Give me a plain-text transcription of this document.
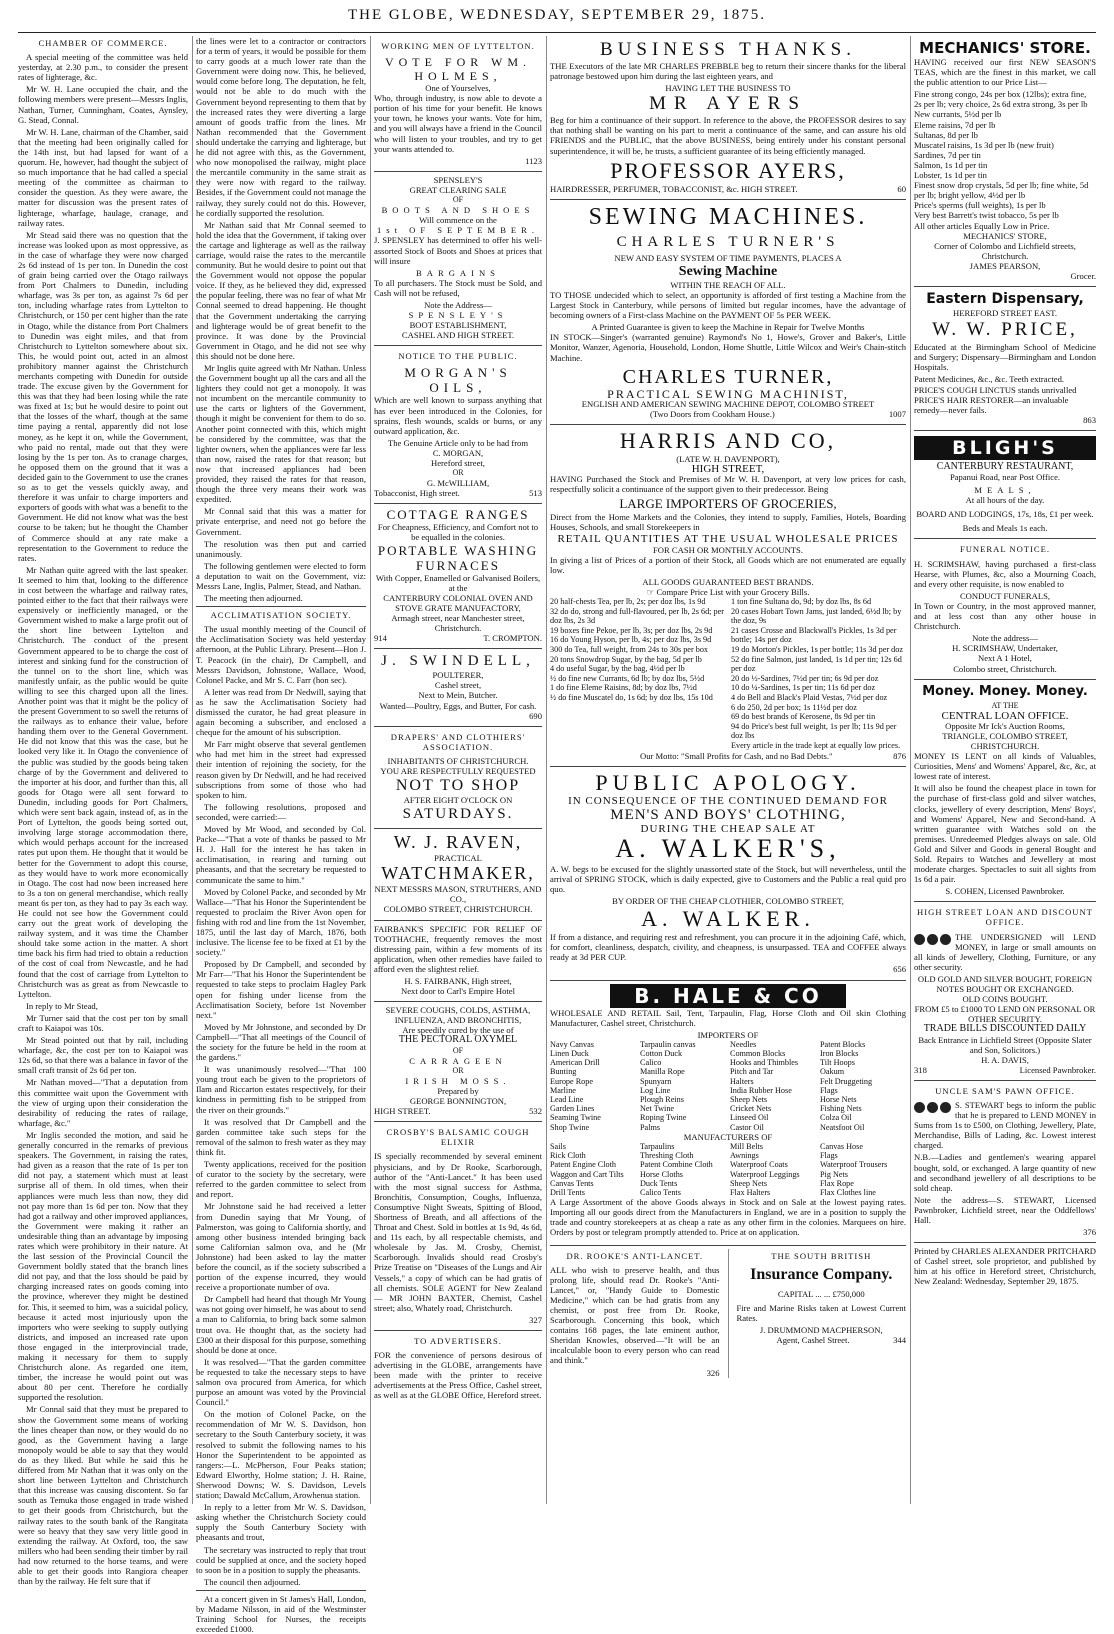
THE GLOBE, WEDNESDAY, SEPTEMBER 29, 1875.
CHAMBER OF COMMERCE.

A special meeting of the committee was held yesterday, at 2.30 p.m., to consider the present rates of lighterage, &c.

Mr W. H. Lane occupied the chair, and the following members were present—Messrs Inglis, Nathan, Turner, Cunningham, Coates, Aynsley, G. Stead, Connal.

Mr W. H. Lane, chairman of the Chamber, said that the meeting had been originally called for the 14th inst, but had lapsed for want of a quorum. He, however, had thought the subject of so much importance that he had called a special meeting of the committee as chairman to consider the question. As they were aware, the matter for discussion was the present rates of lighterage, wharfage, haulage, cranage, and railway rates.

Mr Stead said there was no question that the increase was looked upon as most oppressive, as in the case of wharfage they were now charged 2s 6d instead of 1s per ton. In Dunedin the cost of grain being carried over the Otago railways from Port Chalmers to Dunedin, including wharfage, was 3s per ton, as against 7s 6d per ton, including wharfage rates from Lyttelton to Christchurch, or 150 per cent higher than the rate in Otago, while the distance from Port Chalmers to Dunedin was eight miles, and that from Christchurch to Lyttelton somewhere about six. This, he would point out, acted in an almost prohibitory manner against the Christchurch merchants competing with Dunedin for outside trade. The excuse given by the Government for this was that they had been losing while the rate was fixed at 1s; but he would desire to point out that the losses of the wharf, though at the same time paying a rental, apparently did not lose money, as he kept it on, while the Government, who paid no rental, made out that they were losing by the 1s per ton. As to cranage charges, he opposed them on the ground that it was a decided gain to the Government to use the cranes so as to get the vessels quickly away, and therefore it was unfair to charge importers and exporters of goods with what was a benefit to the Government. He did not know what was the best course to be taken; but he thought the Chamber of Commerce should at any rate make a representation to the Government to reduce the rates.

Mr Nathan quite agreed with the last speaker. It seemed to him that, looking to the difference in cost between the wharfage and railway rates, pointed either to the fact that their railways were expensively or inefficiently managed, or the Government wished to make a large profit out of the short line between Lyttelton and Christchurch. The conduct of the present Government appeared to be to charge the cost of interest and sinking fund for the construction of the tunnel on to the short line, which was manifestly unfair, as the public would be quite willing to see this charged upon all the lines. Another point was that it might be the policy of the present Government to so swell the returns of the railways as to enhance their value, before handing them over to the General Government. He did not know that this was the case, but he looked very like it. In Otago the convenience of the public was studied by the goods being taken charge of by the Government and delivered to the importer at his door, and further than this, all goods for Otago were all sent forward to Dunedin, including goods for Port Chalmers, which were sent back again, instead of, as in the Port of Lyttelton, the goods being sorted out, involving large storage accommodation there, which would perhaps account for the increased rates put upon them. He thought that it would be better for the Government to adopt this course, as they would have to work more economically in Otago. The cost had now been increased here to 3s a ton on general merchandise, which really meant 6s per ton, as they had to pay 3s each way. He could not see how the Government could carry out the great work of developing the railway system, and it was time the Chamber should take some action in the matter. A short time back his firm had tried to obtain a reduction of the cost of coal from Newcastle, and he had found that the cost of carriage from Lyttelton to Christchurch was as great as from Newcastle to Lyttelton.

In reply to Mr Stead,

Mr Turner said that the cost per ton by small craft to Kaiapoi was 10s.

Mr Stead pointed out that by rail, including wharfage, &c, the cost per ton to Kaiapoi was 12s 6d, so that there was a balance in favor of the small craft transit of 2s 6d per ton.

Mr Nathan moved—"That a deputation from this committee wait upon the Government with the view of urging upon their consideration the desirability of reducing the rates of railage, wharfage, &c."

Mr Inglis seconded the motion, and said he generally concurred in the remarks of previous speakers. The Government, in raising the rates, had given as a reason that the rate of 1s per ton did not pay, a statement which must at least surprise all of them. In old times, when their appliances were much less than now, they did not pay more than 1s 6d per ton. Now that they had got a railway and other improved appliances, the Government were making it rather an undesirable thing than an advantage by imposing rates which were prohibitory in their nature. At the last session of the Provincial Council the Government boldly stated that the branch lines did not pay, and that the loss should be paid by charging increased rates on goods coming into the province, wherever they might be destined for. This, it seemed to him, was a suicidal policy, because it acted most injuriously upon the importers who were seeking to supply outlying districts, and imposed an increased rate upon those engaged in the interprovincial trade, making it necessary for them to supply Christchurch alone. As regarded one item, timber, the increase he would point out was about 80 per cent. Therefore he cordially supported the resolution.

Mr Connal said that they must be prepared to show the Government some means of working the lines cheaper than now, or they would do no good, as the Government having a large monopoly would be able to say that they would do as they liked. But while he said this he differed from Mr Nathan that it was only on the short line between Lyttelton and Christchurch that this increase was causing discontent. So far south as Temuka those engaged in trade wished to get their goods from Christchurch, but the railway rates to the south bank of the Rangitata were so heavy that they saw very little good in extending the railway. At Oxford, too, the saw millers who had been sending their timber by rail had now returned to the horse teams, and were able to get their goods into Rangiora cheaper than by the railway. He felt sure that if

the lines were let to a contractor or contractors for a term of years, it would be possible for them to carry goods at a much lower rate than the Government were doing now. This, he believed, would come before long. The deputation, he felt, would not be able to do much with the Government beyond representing to them that by the increased rates they were diverting a large amount of goods traffic from the lines. Mr Nathan recommended that the Government should undertake the carrying and lighterage, but he did not agree with this, as the Government, who now monopolised the railway, might place the mercantile community in the same strait as they were now with regard to the railway. Besides, if the Government could not manage the railway, they surely could not do this. However, he cordially supported the resolution.

Mr Nathan said that Mr Connal seemed to hold the idea that the Government, if taking over the cartage and lighterage as well as the railway carriage, would raise the rates to the mercantile community. But he would desire to point out that the Government would not oppose the popular voice. If they, as he believed they did, expressed the popular feeling, there was no fear of what Mr Connal seemed to dread happening. He thought that the Government undertaking the carrying and lighterage would be of great benefit to the province. It was done by the Provincial Government in Otago, and he did not see why this should not be done here.

Mr Inglis quite agreed with Mr Nathan. Unless the Government bought up all the cars and all the lighters they could not get a monopoly. It was not incumbent on the mercantile community to use the carts or lighters of the Government, though it might be convenient for them to do so. Another point connected with this, which might be considered by the committee, was that the lighter owners, when the appliances were far less than now, raised the rates for that reason; but now that increased appliances had been provided, they raised the rates for that reason, though the three very means their work was expedited.

Mr Connal said that this was a matter for private enterprise, and need not go before the Government.

The resolution was then put and carried unanimously.

The following gentlemen were elected to form a deputation to wait on the Government, viz: Messrs Lane, Inglis, Palmer, Stead, and Nathan.

The meeting then adjourned.

ACCLIMATISATION SOCIETY.

The usual monthly meeting of the Council of the Acclimatisation Society was held yesterday afternoon, at the Public Library. Present—Hon J. T. Peacock (in the chair), Dr Campbell, and Messrs Davidson, Johnstone, Wallace, Wood, Colonel Packe, and Mr S. C. Farr (hon sec).

A letter was read from Dr Nedwill, saying that as he saw the Acclimatisation Society had dismissed the curator, he had great pleasure in again becoming a subscriber, and enclosed a cheque for the amount of his subscription.

Mr Farr might observe that several gentlemen who had met him in the street had expressed their intention of rejoining the society, for the reason given by Dr Nedwill, and he had received subscriptions from some of those who had spoken to him.

The following resolutions, proposed and seconded, were carried:—

Moved by Mr Wood, and seconded by Col. Packe—"That a vote of thanks be passed to Mr H. J. Hall for the interest he has taken in acclimatisation, in rearing and turning out pheasants, and that the secretary be requested to communicate the same to him."

Moved by Colonel Packe, and seconded by Mr Wallace—"That his Honor the Superintendent be requested to proclaim the River Avon open for fishing with rod and line from the 1st November, 1875, until the last day of March, 1876, both inclusive. The license fee to be fixed at £1 by the society."

Proposed by Dr Campbell, and seconded by Mr Farr—"That his Honor the Superintendent be requested to take steps to proclaim Hagley Park open for fishing under license from the Acclimatisation Society, before 1st November next."

Moved by Mr Johnstone, and seconded by Dr Campbell—"That all meetings of the Council of the society for the future be held in the room at the gardens."

It was unanimously resolved—"That 100 young trout each be given to the proprietors of Ilam and Riccarton estates respectively, for their kindness in permitting fish to be stripped from the river on their grounds."

It was resolved that Dr Campbell and the garden committee take such steps for the removal of the salmon to fresh water as they may think fit.

Twenty applications, received for the position of curator to the society by the secretary, were referred to the garden committee to select from and report.

Mr Johnstone said he had received a letter from Dunedin saying that Mr Young, of Palmerston, was going to California shortly, and among other business intended bringing back some Californian salmon ova, and he (Mr Johnstone) had been asked to lay the matter before the council, as if the society subscribed a portion of the expense incurred, they would receive a proportionate number of ova.

Dr Campbell had heard that though Mr Young was not going over himself, he was about to send a man to California, to bring back some salmon trout ova. He thought that, as the society had £300 at their disposal for this purpose, something should be done at once.

It was resolved—"That the garden committee be requested to take the necessary steps to have salmon ova procured from America, for which purpose an amount was voted by the Provincial Council."

On the motion of Colonel Packe, on the recommendation of Mr W. S. Davidson, hon secretary to the South Canterbury society, it was resolved to submit the following names to his Honor the Superintendent to be appointed as rangers:—L. McPherson, Four Peaks station; Edward Elworthy, Holme station; J. H. Raine, Sherwood Downs; W. S. Davidson, Levels station; Dawald McCallum, Arowhenua station.

In reply to a letter from Mr W. S. Davidson, asking whether the Christchurch Society could supply the South Canterbury Society with pheasants and trout,

The secretary was instructed to reply that trout could be supplied at once, and the society hoped to soon be in a position to supply the pheasants.

The council then adjourned.

At a concert given in St James's Hall, London, by Madame Nilsson, in aid of the Westminster Training School for Nurses, the receipts exceeded £1000.

WORKING MEN OF LYTTELTON.
VOTE FOR WM. HOLMES,
One of Yourselves,

Who, through industry, is now able to devote a portion of his time for your benefit. He knows your town, he knows your wants. Vote for him, and you will always have a friend in the Council who will listen to your troubles, and try to get your wants attended to.

1123
SPENSLEY'S
GREAT CLEARING SALE
OF
BOOTS AND SHOES
Will commence on the
1st OF SEPTEMBER.

J. SPENSLEY has determined to offer his well-assorted Stock of Boots and Shoes at prices that will insure

BARGAINS

To all purchasers. The Stock must be Sold, and Cash will not be refused,

Note the Address—
SPENSLEY'S
BOOT ESTABLISHMENT,
CASHEL AND HIGH STREET.
NOTICE TO THE PUBLIC.
MORGAN'S OILS,

Which are well known to surpass anything that has ever been introduced in the Colonies, for sprains, flesh wounds, scalds or burns, or any outward application, &c.

The Genuine Article only to be had from
C. MORGAN,
Hereford street,
OR
G. McWILLIAM,
Tobacconist, High street.	513
COTTAGE RANGES
For Cheapness, Efficiency, and Comfort not to be equalled in the colonies.
PORTABLE WASHING
FURNACES
With Copper, Enamelled or Galvanised Boilers, at the
CANTERBURY COLONIAL OVEN AND STOVE GRATE MANUFACTORY,
Armagh street, near Manchester street, Christchurch.
914	T. CROMPTON.
J. SWINDELL,
POULTERER,
Cashel street,
Next to Mein, Butcher.
Wanted—Poultry, Eggs, and Butter, For cash.
690
DRAPERS' AND CLOTHIERS' ASSOCIATION.
INHABITANTS OF CHRISTCHURCH.
YOU ARE RESPECTFULLY REQUESTED
NOT TO SHOP
AFTER EIGHT O'CLOCK ON
SATURDAYS.
W. J. RAVEN,
PRACTICAL
WATCHMAKER,
NEXT MESSRS MASON, STRUTHERS, AND CO.,
COLOMBO STREET, CHRISTCHURCH.

FAIRBANK'S SPECIFIC FOR RELIEF OF TOOTHACHE, frequently removes the most distressing pain, within a few moments of its application, when other remedies have failed to afford even the slightest relief.

H. S. FAIRBANK, High street,
Next door to Carl's Empire Hotel
SEVERE COUGHS, COLDS, ASTHMA, INFLUENZA, AND BRONCHITIS,
Are speedily cured by the use of
THE PECTORAL OXYMEL
OF
CARRAGEEN
OR
IRISH MOSS.
Prepared by
GEORGE BONNINGTON,
HIGH STREET.	532
CROSBY'S BALSAMIC COUGH ELIXIR

IS specially recommended by several eminent physicians, and by Dr Rooke, Scarborough, author of the "Anti-Lancet." It has been used with the most signal success for Asthma, Bronchitis, Consumption, Coughs, Influenza, Consumptive Night Sweats, Spitting of Blood, Shortness of Breath, and all affections of the Throat and Chest. Sold in bottles at 1s 9d, 4s 6d, and 11s each, by all respectable chemists, and wholesale by Jas. M. Crosby, Chemist, Scarborough. Invalids should read Crosby's Prize Treatise on "Diseases of the Lungs and Air Vessels," a copy of which can be had gratis of all chemists. SOLE AGENT for New Zealand — MR JOHN BAXTER, Chemist, Cashel street; also, Whately road, Christchurch.

327
TO ADVERTISERS.

FOR the convenience of persons desirous of advertising in the GLOBE, arrangements have been made with the printer to receive advertisements at the Press Office, Cashel street, as well as at the GLOBE Office, Hereford street.

BUSINESS THANKS.

THE Executors of the late MR CHARLES PREBBLE beg to return their sincere thanks for the liberal patronage bestowed upon him during the last eighteen years, and

HAVING LET THE BUSINESS TO
MR AYERS

Beg for him a continuance of their support. In reference to the above, the PROFESSOR desires to say that nothing shall be wanting on his part to merit a continuance of the same, and can assure his old FRIENDS and the PUBLIC, that the above BUSINESS, being entirely under his constant personal superintendence, it will be, he trusts, a sufficient guarantee of its being efficiently managed.

PROFESSOR AYERS,
HAIRDRESSER, PERFUMER, TOBACCONIST, &c. HIGH STREET.	60
SEWING MACHINES.
CHARLES TURNER'S
NEW AND EASY SYSTEM OF TIME PAYMENTS, PLACES A
Sewing Machine
WITHIN THE REACH OF ALL.

TO THOSE undecided which to select, an opportunity is afforded of first testing a Machine from the Largest Stock in Canterbury, while persons of limited but regular incomes, have the advantage of becoming owners of a First-class Machine on the PAYMENT OF 5s PER WEEK.

A Printed Guarantee is given to keep the Machine in Repair for Twelve Months

IN STOCK—Singer's (warranted genuine) Raymond's No 1, Howe's, Grover and Baker's, Little Monitor, Wanzer, Agenoria, Household, London, Home Shuttle, Little Wilcox and Weir's Chain-stitch Machine.

CHARLES TURNER,
PRACTICAL SEWING MACHINIST,
ENGLISH AND AMERICAN SEWING MACHINE DEPOT, COLOMBO STREET
(Two Doors from Cookham House.)	1007
HARRIS AND CO,
(LATE W. H. DAVENPORT),
HIGH STREET,

HAVING Purchased the Stock and Premises of Mr W. H. Davenport, at very low prices for cash, respectfully solicit a continuance of the support given to their predecessor. Being

LARGE IMPORTERS OF GROCERIES,

Direct from the Home Markets and the Colonies, they intend to supply, Families, Hotels, Boarding Houses, Schools, and small Storekeepers in

RETAIL QUANTITIES AT THE USUAL WHOLESALE PRICES
FOR CASH OR MONTHLY ACCOUNTS.

In giving a list of Prices of a portion of their Stock, all Goods which are not enumerated are equally low.

ALL GOODS GUARANTEED BEST BRANDS.
☞ Compare Price List with your Grocery Bills.
20 half-chests Tea, per lb, 2s; per doz lbs, 1s 9d
32 do do, strong and full-flavoured, per lb, 2s 6d; per doz lbs, 2s 3d
19 boxes fine Pekoe, per lb, 3s; per doz lbs, 2s 9d
16 do Young Hyson, per lb, 4s; per doz lbs, 3s 9d
300 do Tea, full weight, from 24s to 30s per box
20 tons Snowdrop Sugar, by the bag, 5d per lb
4 do useful Sugar, by the bag, 4½d per lb
½ do fine new Currants, 6d lb; by doz lbs, 5½d
1 do fine Eleme Raisins, 8d; by doz lbs, 7½d
½ do fine Muscatel do, 1s 6d; by doz lbs, 15s 10d
1 ton fine Sultana do, 9d; by doz lbs, 8s 6d
20 cases Hobart Town Jams, just landed, 6½d lb; by the doz, 9s
21 cases Crosse and Blackwall's Pickles, 1s 3d per bottle; 14s per doz
19 do Morton's Pickles, 1s per bottle; 11s 3d per doz
52 do fine Salmon, just landed, 1s 1d per tin; 12s 6d per doz
20 do ½-Sardines, 7½d per tin; 6s 9d per doz
10 do ¼-Sardines, 1s per tin; 11s 6d per doz
4 do Bell and Black's Plaid Vestas, 7½d per doz
6 do 250, 2d per box; 1s 11½d per doz
69 do best brands of Kerosene, 8s 9d per tin
94 do Price's best full weight, 1s per lb; 11s 9d per doz lbs
Every article in the trade kept at equally low prices.
Our Motto: "Small Profits for Cash, and no Bad Debts."	876
PUBLIC APOLOGY.
IN CONSEQUENCE OF THE CONTINUED DEMAND FOR
MEN'S AND BOYS' CLOTHING,
DURING THE CHEAP SALE AT
A. WALKER'S,

A. W. begs to be excused for the slightly unassorted state of the Stock, but will nevertheless, until the arrival of SPRING STOCK, which is daily expected, give to Customers and the Public a real quid pro quo.

BY ORDER OF THE CHEAP CLOTHIER, COLOMBO STREET,
A. WALKER.

If from a distance, and requiring rest and refreshment, you can procure it in the adjoining Café, which, for comfort, cleanliness, despatch, civility, and cheapness, is unsurpassed. TEA and COFFEE always ready at 3d PER CUP.

656
B. HALE & CO

WHOLESALE AND RETAIL Sail, Tent, Tarpaulin, Flag, Horse Cloth and Oil skin Clothing Manufacturer, Cashel street, Christchurch.

IMPORTERS OF
Navy Canvas	Tarpaulin canvas	Needles	Patent Blocks
Linen Duck	Cotton Duck	Common Blocks	Iron Blocks
American Drill	Calico	Hooks and Thimbles	Tilt Hoops
Bunting	Manilla Rope	Pitch and Tar	Oakum
Europe Rope	Spunyarn	Halters	Felt Druggeting
Marline	Log Line	India Rubber Hose	Flags
Lead Line	Plough Reins	Sheep Nets	Horse Nets
Garden Lines	Net Twine	Cricket Nets	Fishing Nets
Seaming Twine	Roping Twine	Linseed Oil	Colza Oil
Shop Twine	Palms	Castor Oil	Neatsfoot Oil
MANUFACTURERS OF
Sails	Tarpaulins	Mill Belts	Canvas Hose
Rick Cloth	Threshing Cloth	Awnings	Flags
Patent Engine Cloth	Patent Combine Cloth	Waterproof Coats	Waterproof Trousers
Waggon and Cart Tilts	Horse Cloths	Waterproof Leggings	Pig Nets
Canvas Tents	Duck Tents	Sheep Nets	Flax Rope
Drill Tents	Calico Tents	Flax Halters	Flax Clothes line

A Large Assortment of the above Goods always in Stock and on Sale at the lowest paying rates. Importing all our goods direct from the Manufacturers in England, we are in a position to supply the trade and country storekeepers at as cheap a rate as any other firm in the colonies. Marquees on hire. Orders by post or telegram promptly attended to. Price at on application.

DR. ROOKE'S ANTI-LANCET.

ALL who wish to preserve health, and thus prolong life, should read Dr. Rooke's "Anti-Lancet," or, "Handy Guide to Domestic Medicine," which can be had gratis from any chemist, or post free from Dr. Rooke, Scarborough. Concerning this book, which contains 168 pages, the late eminent author, Sheridan Knowles, observed—"It will be an incalculable boon to every person who can read and think."

326
THE SOUTH BRITISH
Insurance Company.
CAPITAL ... ... £750,000

Fire and Marine Risks taken at Lowest Current Rates.

J. DRUMMOND MACPHERSON,
Agent, Cashel Street.	344
MECHANICS' STORE.

HAVING received our first NEW SEASON'S TEAS, which are the finest in this market, we call the public attention to our Price List—

Fine strong congo, 24s per box (12lbs); extra fine, 2s per lb; very choice, 2s 6d extra strong, 3s per lb
New currants, 5½d per lb
Eleme raisins, 7d per lb
Sultanas, 8d per lb
Muscatel raisins, 1s 3d per lb (new fruit)
Sardines, 7d per tin
Salmon, 1s 1d per tin
Lobster, 1s 1d per tin
Finest snow drop crystals, 5d per lb; fine white, 5d per lb; bright yellow, 4½d per lb
Price's sperms (full weights), 1s per lb
Very best Barrett's twist tobacco, 5s per lb
All other articles Equally Low in Price.
MECHANICS' STORE,
Corner of Colombo and Lichfield streets, Christchurch.
JAMES PEARSON,
Grocer.
Eastern Dispensary,
HEREFORD STREET EAST.
W. W. PRICE,

Educated at the Birmingham School of Medicine and Surgery; Dispensary—Birmingham and London Hospitals.

Patent Medicines, &c., &c. Teeth extracted.
PRICE'S COUGH LINCTUS stands unrivalled
PRICE'S HAIR RESTORER—an invaluable remedy—never fails.
863
BLIGH'S
CANTERBURY RESTAURANT,
Papanui Road, near Post Office.
MEALS,
At all hours of the day.
BOARD AND LODGINGS, 17s, 18s, £1 per week.
Beds and Meals 1s each.
FUNERAL NOTICE.

H. SCRIMSHAW, having purchased a first-class Hearse, with Plumes, &c, also a Mourning Coach, and every other requisite, is now enabled to

CONDUCT FUNERALS,

In Town or Country, in the most approved manner, and at less cost than any other house in Christchurch.

Note the address—
H. SCRIMSHAW, Undertaker,
Next A 1 Hotel,
Colombo street, Christchurch.
Money. Money. Money.
AT THE
CENTRAL LOAN OFFICE.
Opposite Mr Ick's Auction Rooms,
TRIANGLE, COLOMBO STREET,
CHRISTCHURCH.

MONEY IS LENT on all kinds of Valuables, Curiosities, Mens' and Womens' Apparel, &c, &c, at lowest rate of interest.

It will also be found the cheapest place in town for the purchase of first-class gold and silver watches, clocks, jewellery of every description, Mens' Boys', and Womens' Apparel, New and Second-hand. A written guarantee with Watches sold on the premises. Unredeemed Pledges always on sale. Old Gold and Silver and Goods in general Bought and Sold. Repairs to Watches and Jewellery at most moderate charges. Spectacles to suit all sights from 1s 6d a pair.

S. COHEN, Licensed Pawnbroker.
HIGH STREET LOAN AND DISCOUNT OFFICE.

THE UNDERSIGNED will LEND MONEY, in large or small amounts on all kinds of Jewellery, Clothing, Furniture, or any other security.

OLD GOLD AND SILVER BOUGHT, FOREIGN NOTES BOUGHT OR EXCHANGED.
OLD COINS BOUGHT.
FROM £5 to £1000 TO LEND ON PERSONAL OR OTHER SECURITY.
TRADE BILLS DISCOUNTED DAILY
Back Entrance in Lichfield Street (Opposite Slater and Son, Solicitors.)
H. A. DAVIS,
318	Licensed Pawnbroker.
UNCLE SAM'S PAWN OFFICE.

S. STEWART begs to inform the public that he is prepared to LEND MONEY in Sums from 1s to £500, on Clothing, Jewellery, Plate, Merchandise, Bills of Lading, &c. Lowest interest charged.

N.B.—Ladies and gentlemen's wearing apparel bought, sold, or exchanged. A large quantity of new and secondhand jewellery of all descriptions to be sold cheap.

Note the address—S. STEWART, Licensed Pawnbroker, Lichfield street, near the Oddfellows' Hall.

376

Printed by CHARLES ALEXANDER PRITCHARD of Cashel street, sole proprietor, and published by him at his office in Hereford street, Christchurch, New Zealand: Wednesday, September 29, 1875.
